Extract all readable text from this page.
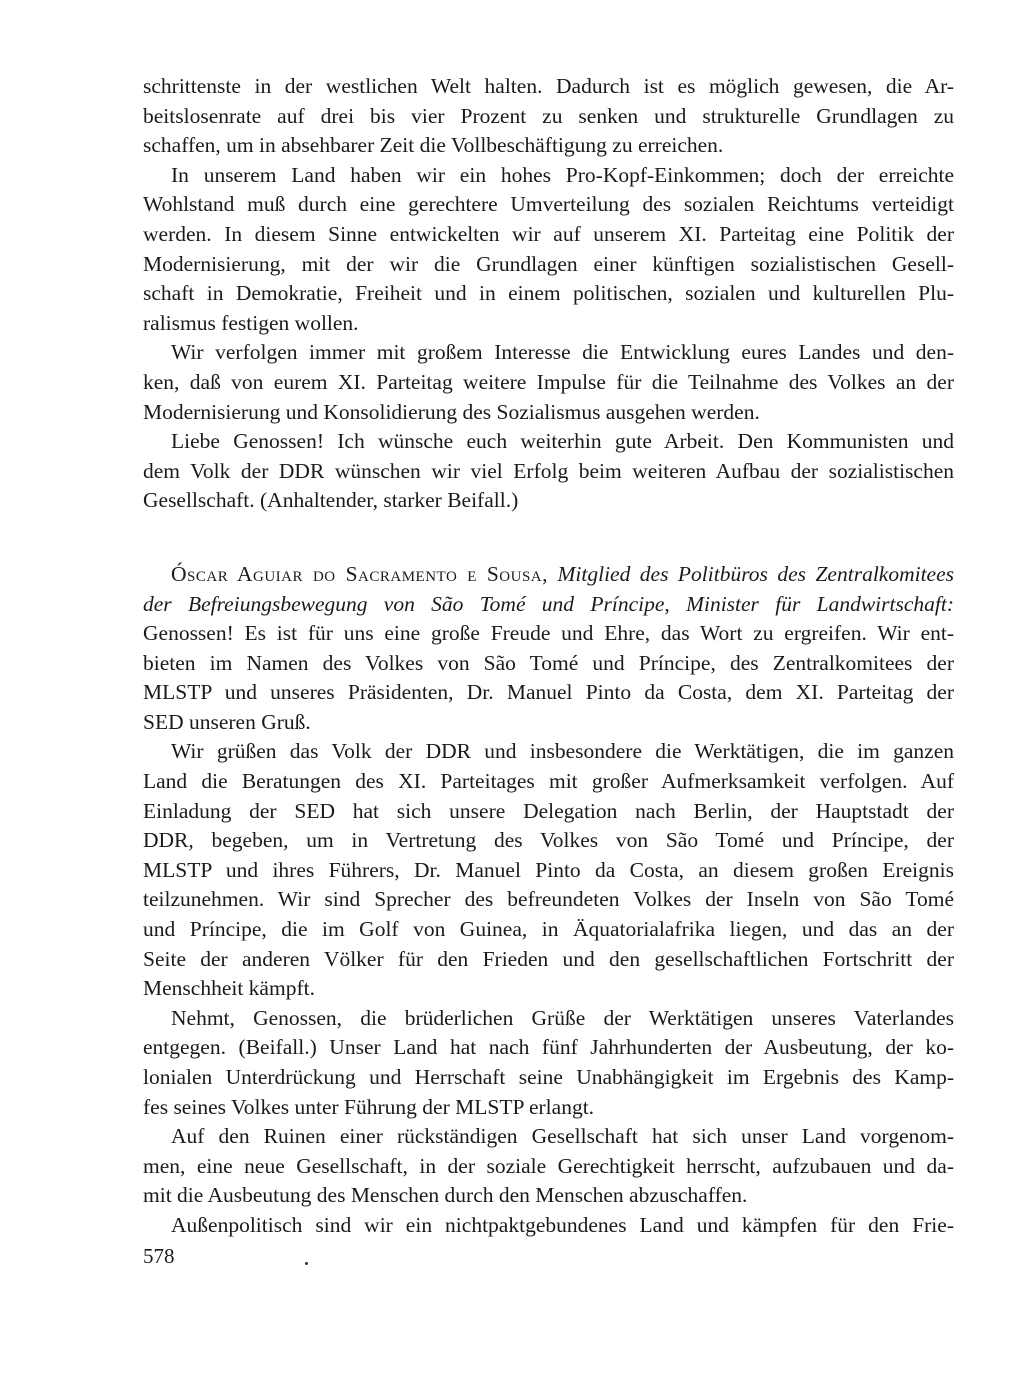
schrittenste in der westlichen Welt halten. Dadurch ist es möglich gewesen, die Ar-
beitslosenrate auf drei bis vier Prozent zu senken und strukturelle Grundlagen zu
schaffen, um in absehbarer Zeit die Vollbeschäftigung zu erreichen.
In unserem Land haben wir ein hohes Pro-Kopf-Einkommen; doch der erreichte
Wohlstand muß durch eine gerechtere Umverteilung des sozialen Reichtums verteidigt
werden. In diesem Sinne entwickelten wir auf unserem XI. Parteitag eine Politik der
Modernisierung, mit der wir die Grundlagen einer künftigen sozialistischen Gesell-
schaft in Demokratie, Freiheit und in einem politischen, sozialen und kulturellen Plu-
ralismus festigen wollen.
Wir verfolgen immer mit großem Interesse die Entwicklung eures Landes und den-
ken, daß von eurem XI. Parteitag weitere Impulse für die Teilnahme des Volkes an der
Modernisierung und Konsolidierung des Sozialismus ausgehen werden.
Liebe Genossen! Ich wünsche euch weiterhin gute Arbeit. Den Kommunisten und
dem Volk der DDR wünschen wir viel Erfolg beim weiteren Aufbau der sozialistischen
Gesellschaft. (Anhaltender, starker Beifall.)
Óscar Aguiar do Sacramento e Sousa, Mitglied des Politbüros des Zentralkomitees
der Befreiungsbewegung von São Tomé und Príncipe, Minister für Landwirtschaft:
Genossen! Es ist für uns eine große Freude und Ehre, das Wort zu ergreifen. Wir ent-
bieten im Namen des Volkes von São Tomé und Príncipe, des Zentralkomitees der
MLSTP und unseres Präsidenten, Dr. Manuel Pinto da Costa, dem XI. Parteitag der
SED unseren Gruß.
Wir grüßen das Volk der DDR und insbesondere die Werktätigen, die im ganzen
Land die Beratungen des XI. Parteitages mit großer Aufmerksamkeit verfolgen. Auf
Einladung der SED hat sich unsere Delegation nach Berlin, der Hauptstadt der
DDR, begeben, um in Vertretung des Volkes von São Tomé und Príncipe, der
MLSTP und ihres Führers, Dr. Manuel Pinto da Costa, an diesem großen Ereignis
teilzunehmen. Wir sind Sprecher des befreundeten Volkes der Inseln von São Tomé
und Príncipe, die im Golf von Guinea, in Äquatorialafrika liegen, und das an der
Seite der anderen Völker für den Frieden und den gesellschaftlichen Fortschritt der
Menschheit kämpft.
Nehmt, Genossen, die brüderlichen Grüße der Werktätigen unseres Vaterlandes
entgegen. (Beifall.) Unser Land hat nach fünf Jahrhunderten der Ausbeutung, der ko-
lonialen Unterdrückung und Herrschaft seine Unabhängigkeit im Ergebnis des Kamp-
fes seines Volkes unter Führung der MLSTP erlangt.
Auf den Ruinen einer rückständigen Gesellschaft hat sich unser Land vorgenom-
men, eine neue Gesellschaft, in der soziale Gerechtigkeit herrscht, aufzubauen und da-
mit die Ausbeutung des Menschen durch den Menschen abzuschaffen.
Außenpolitisch sind wir ein nichtpaktgebundenes Land und kämpfen für den Frie-
578
